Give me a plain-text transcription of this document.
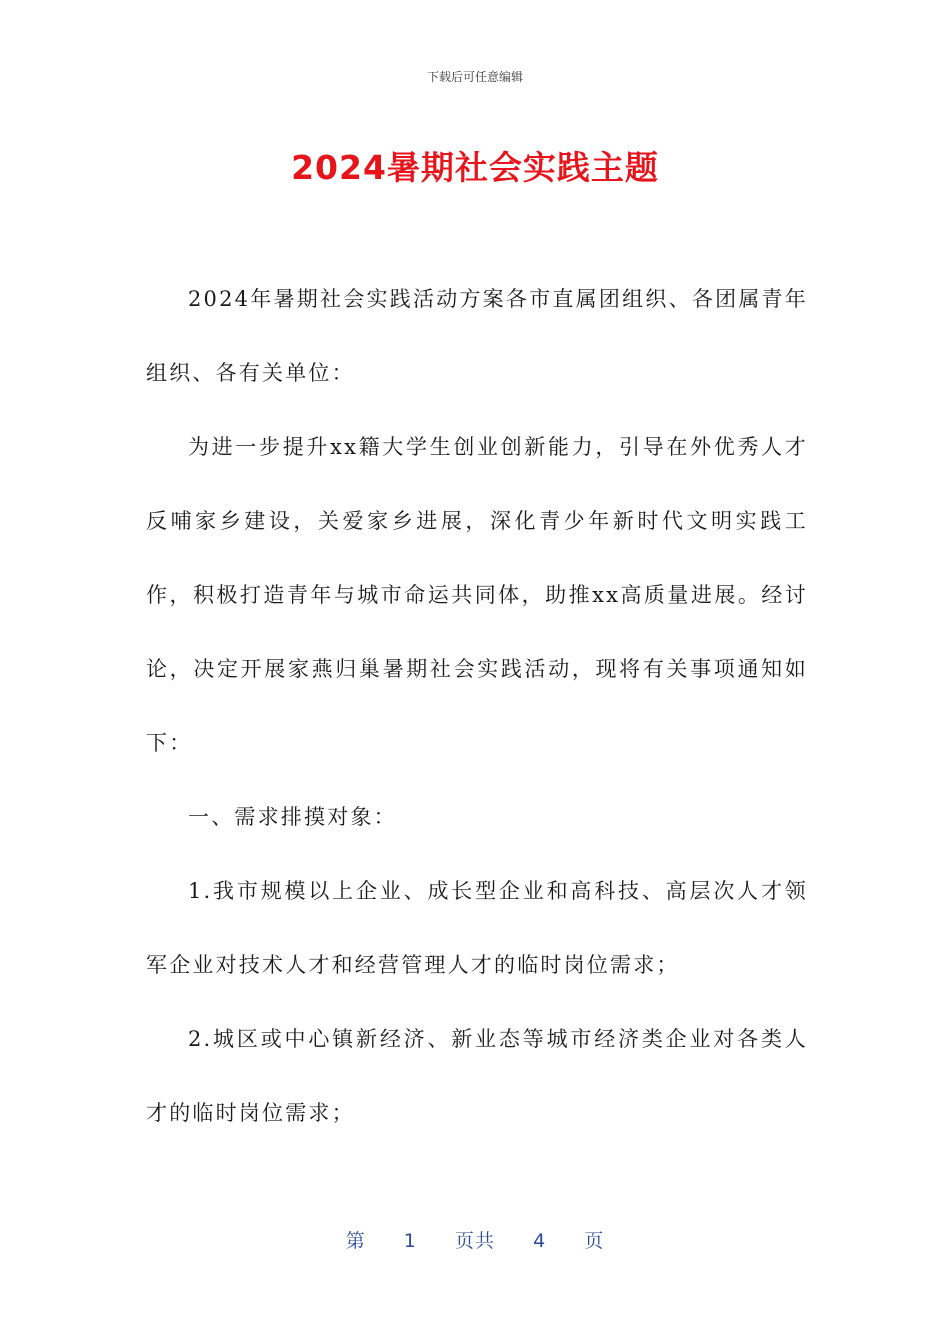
下载后可任意编辑
2024暑期社会实践主题

2024年暑期社会实践活动方案各市直属团组织、各团属青年组织、各有关单位：

为进一步提升xx籍大学生创业创新能力，引导在外优秀人才反哺家乡建设，关爱家乡进展，深化青少年新时代文明实践工作，积极打造青年与城市命运共同体，助推xx高质量进展。经讨论，决定开展家燕归巢暑期社会实践活动，现将有关事项通知如下：

一、需求排摸对象：

1.我市规模以上企业、成长型企业和高科技、高层次人才领军企业对技术人才和经营管理人才的临时岗位需求；

2.城区或中心镇新经济、新业态等城市经济类企业对各类人才的临时岗位需求；

第 1 页共 4 页
